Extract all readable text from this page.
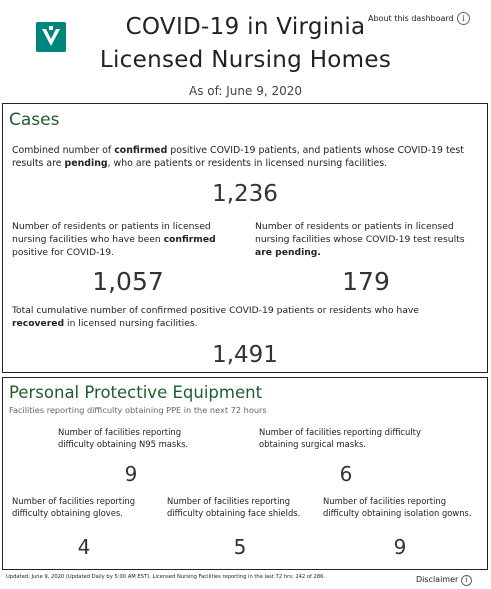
COVID-19 in Virginia
Licensed Nursing Homes
About this dashboard	i
As of: June 9, 2020
Cases
Combined number of confirmed positive COVID-19 patients, and patients whose COVID-19 test results are pending, who are patients or residents in licensed nursing facilities.
1,236
Number of residents or patients in licensed nursing facilities who have been confirmed positive for COVID-19.
1,057
Number of residents or patients in licensed nursing facilities whose COVID-19 test results are pending.
179
Total cumulative number of confirmed positive COVID-19 patients or residents who have recovered in licensed nursing facilities.
1,491
Personal Protective Equipment
Facilities reporting difficulty obtaining PPE in the next 72 hours
Number of facilities reporting difficulty obtaining N95 masks.
9
Number of facilities reporting difficulty obtaining surgical masks.
6
Number of facilities reporting difficulty obtaining gloves.
4
Number of facilities reporting difficulty obtaining face shields.
5
Number of facilities reporting difficulty obtaining isolation gowns.
9
Updated: June 9, 2020 (Updated Daily by 5:00 AM EST). Licensed Nursing Facilities reporting in the last 72 hrs: 242 of 286.	Disclaimer	i
